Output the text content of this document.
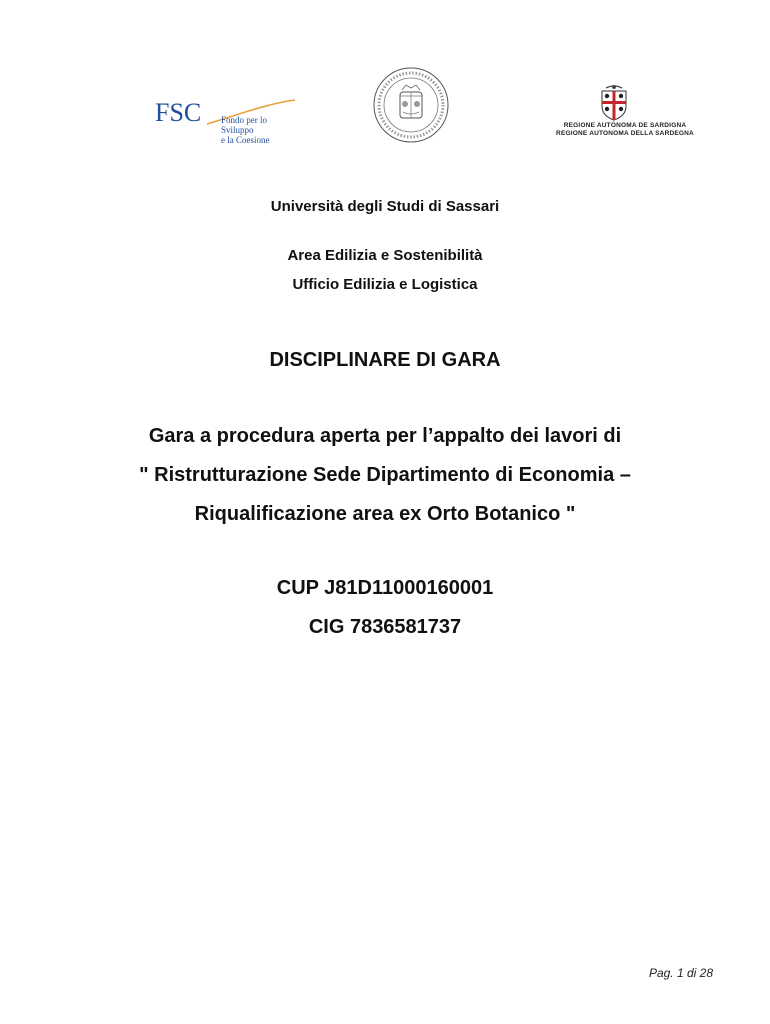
FSC Fondo per lo Sviluppo
e la Coesione
REGIONE AUTÒNOMA DE SARDIGNA
REGIONE AUTONOMA DELLA SARDEGNA
Università degli Studi di Sassari
Area Edilizia e Sostenibilità
Ufficio Edilizia e Logistica
DISCIPLINARE DI GARA
Gara a procedura aperta per l’appalto dei lavori di
" Ristrutturazione Sede Dipartimento di Economia –
Riqualificazione area ex Orto Botanico "
CUP J81D11000160001
CIG 7836581737
Pag. 1 di 28
